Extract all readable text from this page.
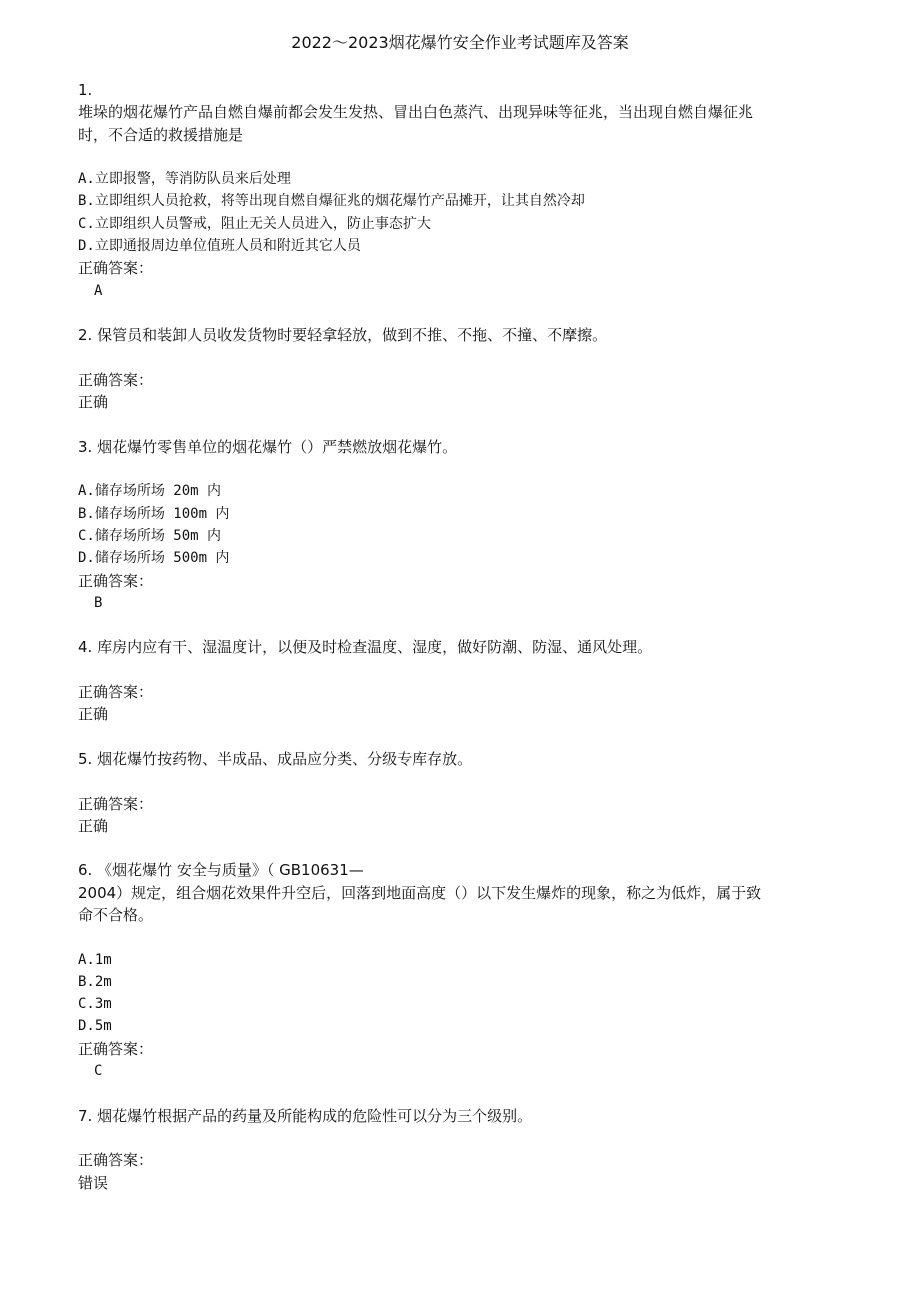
2022～2023烟花爆竹安全作业考试题库及答案
1.
堆垛的烟花爆竹产品自燃自爆前都会发生发热、冒出白色蒸汽、出现异味等征兆，当出现自燃自爆征兆
时，不合适的救援措施是
A.立即报警，等消防队员来后处理
B.立即组织人员抢救，将等出现自燃自爆征兆的烟花爆竹产品摊开，让其自然冷却
C.立即组织人员警戒，阻止无关人员进入，防止事态扩大
D.立即通报周边单位值班人员和附近其它人员
正确答案：
A
2. 保管员和装卸人员收发货物时要轻拿轻放，做到不推、不拖、不撞、不摩擦。
正确答案：
正确
3. 烟花爆竹零售单位的烟花爆竹（）严禁燃放烟花爆竹。
A.储存场所场 20m 内
B.储存场所场 100m 内
C.储存场所场 50m 内
D.储存场所场 500m 内
正确答案：
B
4. 库房内应有干、湿温度计，以便及时检查温度、湿度，做好防潮、防湿、通风处理。
正确答案：
正确
5. 烟花爆竹按药物、半成品、成品应分类、分级专库存放。
正确答案：
正确
6. 《烟花爆竹 安全与质量》（ GB10631—
2004）规定，组合烟花效果件升空后，回落到地面高度（）以下发生爆炸的现象，称之为低炸，属于致
命不合格。
A.1m
B.2m
C.3m
D.5m
正确答案：
C
7. 烟花爆竹根据产品的药量及所能构成的危险性可以分为三个级别。
正确答案：
错误
